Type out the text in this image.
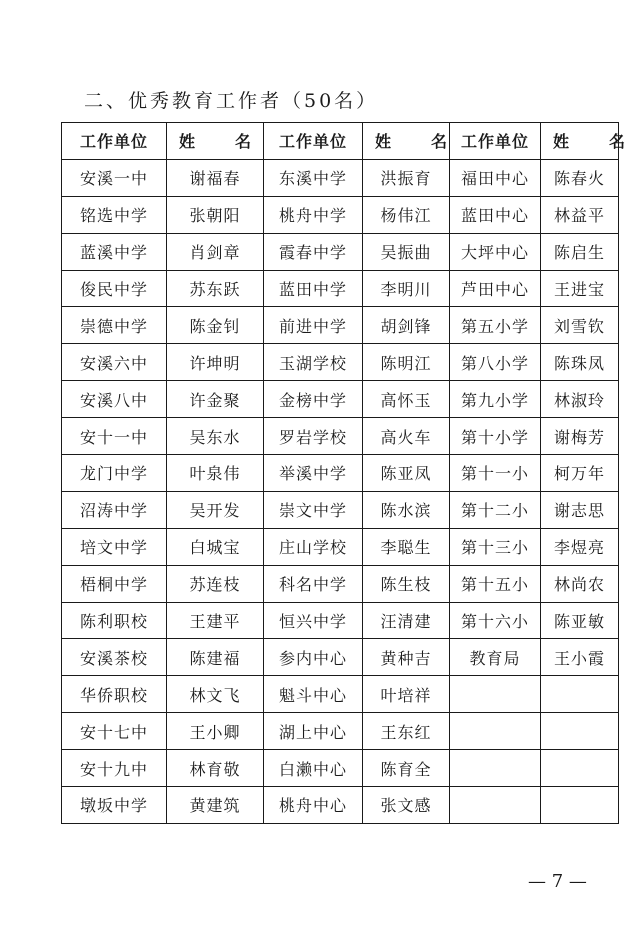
二、优秀教育工作者（50名）
工作单位	姓　名	工作单位	姓　名	工作单位	姓　名
安溪一中	谢福春	东溪中学	洪振育	福田中心	陈春火
铭选中学	张朝阳	桃舟中学	杨伟江	蓝田中心	林益平
蓝溪中学	肖剑章	霞春中学	吴振曲	大坪中心	陈启生
俊民中学	苏东跃	蓝田中学	李明川	芦田中心	王进宝
崇德中学	陈金钊	前进中学	胡剑锋	第五小学	刘雪钦
安溪六中	许坤明	玉湖学校	陈明江	第八小学	陈珠凤
安溪八中	许金聚	金榜中学	高怀玉	第九小学	林淑玲
安十一中	吴东水	罗岩学校	高火车	第十小学	谢梅芳
龙门中学	叶泉伟	举溪中学	陈亚凤	第十一小	柯万年
沼涛中学	吴开发	崇文中学	陈水滨	第十二小	谢志思
培文中学	白城宝	庄山学校	李聪生	第十三小	李煜亮
梧桐中学	苏连枝	科名中学	陈生枝	第十五小	林尚农
陈利职校	王建平	恒兴中学	汪清建	第十六小	陈亚敏
安溪茶校	陈建福	参内中心	黄种吉	教育局	王小霞
华侨职校	林文飞	魁斗中心	叶培祥		
安十七中	王小卿	湖上中心	王东红		
安十九中	林育敬	白濑中心	陈育全		
墩坂中学	黄建筑	桃舟中心	张文感		
— 7 —
